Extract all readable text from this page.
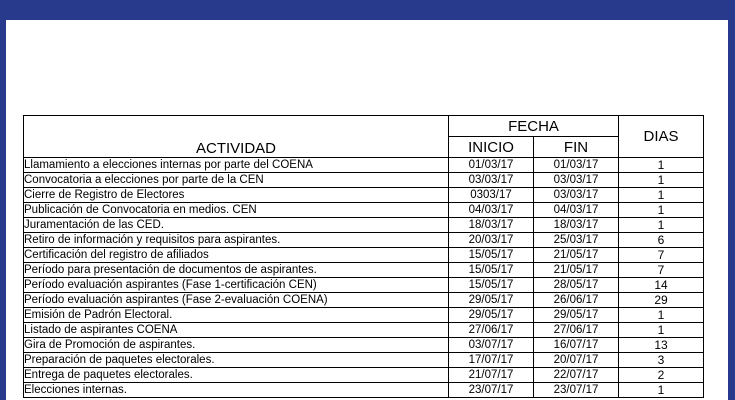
ACTIVIDAD	FECHA		DIAS
	INICIO	FIN	
Llamamiento a elecciones internas por parte del COENA	01/03/17	01/03/17	1
Convocatoria a elecciones por parte de la CEN	03/03/17	03/03/17	1
Cierre de Registro de Electores	0303/17	03/03/17	1
Publicación de Convocatoria en medios. CEN	04/03/17	04/03/17	1
Juramentación de las CED.	18/03/17	18/03/17	1
Retiro de información y requisitos para aspirantes.	20/03/17	25/03/17	6
Certificación del registro de afiliados	15/05/17	21/05/17	7
Período para presentación de documentos de aspirantes.	15/05/17	21/05/17	7
Período evaluación aspirantes (Fase 1-certificación CEN)	15/05/17	28/05/17	14
Período evaluación aspirantes (Fase 2-evaluación COENA)	29/05/17	26/06/17	29
Emisión de Padrón Electoral.	29/05/17	29/05/17	1
Listado de aspirantes COENA	27/06/17	27/06/17	1
Gira de Promoción de aspirantes.	03/07/17	16/07/17	13
Preparación de paquetes electorales.	17/07/17	20/07/17	3
Entrega de paquetes electorales.	21/07/17	22/07/17	2
Elecciones internas.	23/07/17	23/07/17	1
